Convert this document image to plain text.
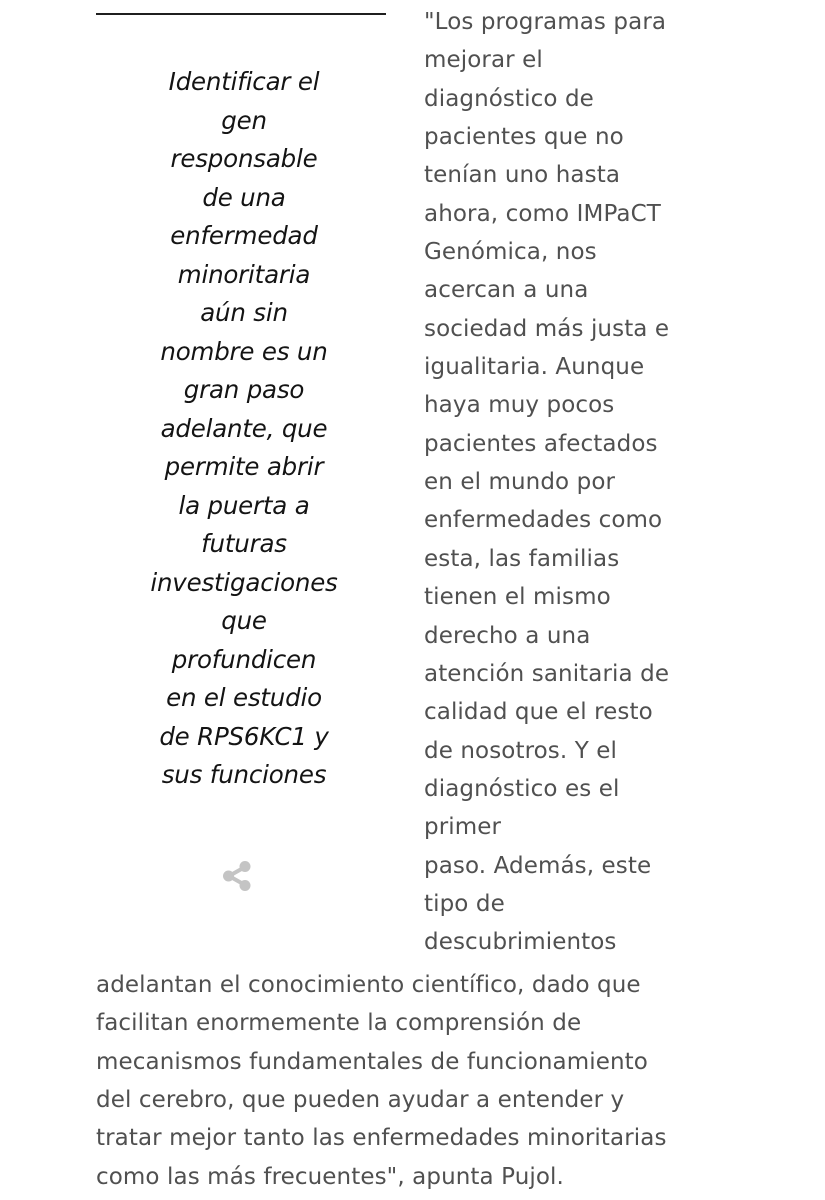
Identificar el
gen
responsable
de una
enfermedad
minoritaria
aún sin
nombre es un
gran paso
adelante, que
permite abrir
la puerta a
futuras
investigaciones
que
profundicen
en el estudio
de RPS6KC1 y
sus funciones
"Los programas para
mejorar el
diagnóstico de
pacientes que no
tenían uno hasta
ahora, como IMPaCT
Genómica, nos
acercan a una
sociedad más justa e
igualitaria. Aunque
haya muy pocos
pacientes afectados
en el mundo por
enfermedades como
esta, las familias
tienen el mismo
derecho a una
atención sanitaria de
calidad que el resto
de nosotros. Y el
diagnóstico es el
primer
paso. Además, este
tipo de
descubrimientos
adelantan el conocimiento científico, dado que
facilitan enormemente la comprensión de
mecanismos fundamentales de funcionamiento
del cerebro, que pueden ayudar a entender y
tratar mejor tanto las enfermedades minoritarias
como las más frecuentes", apunta Pujol.
